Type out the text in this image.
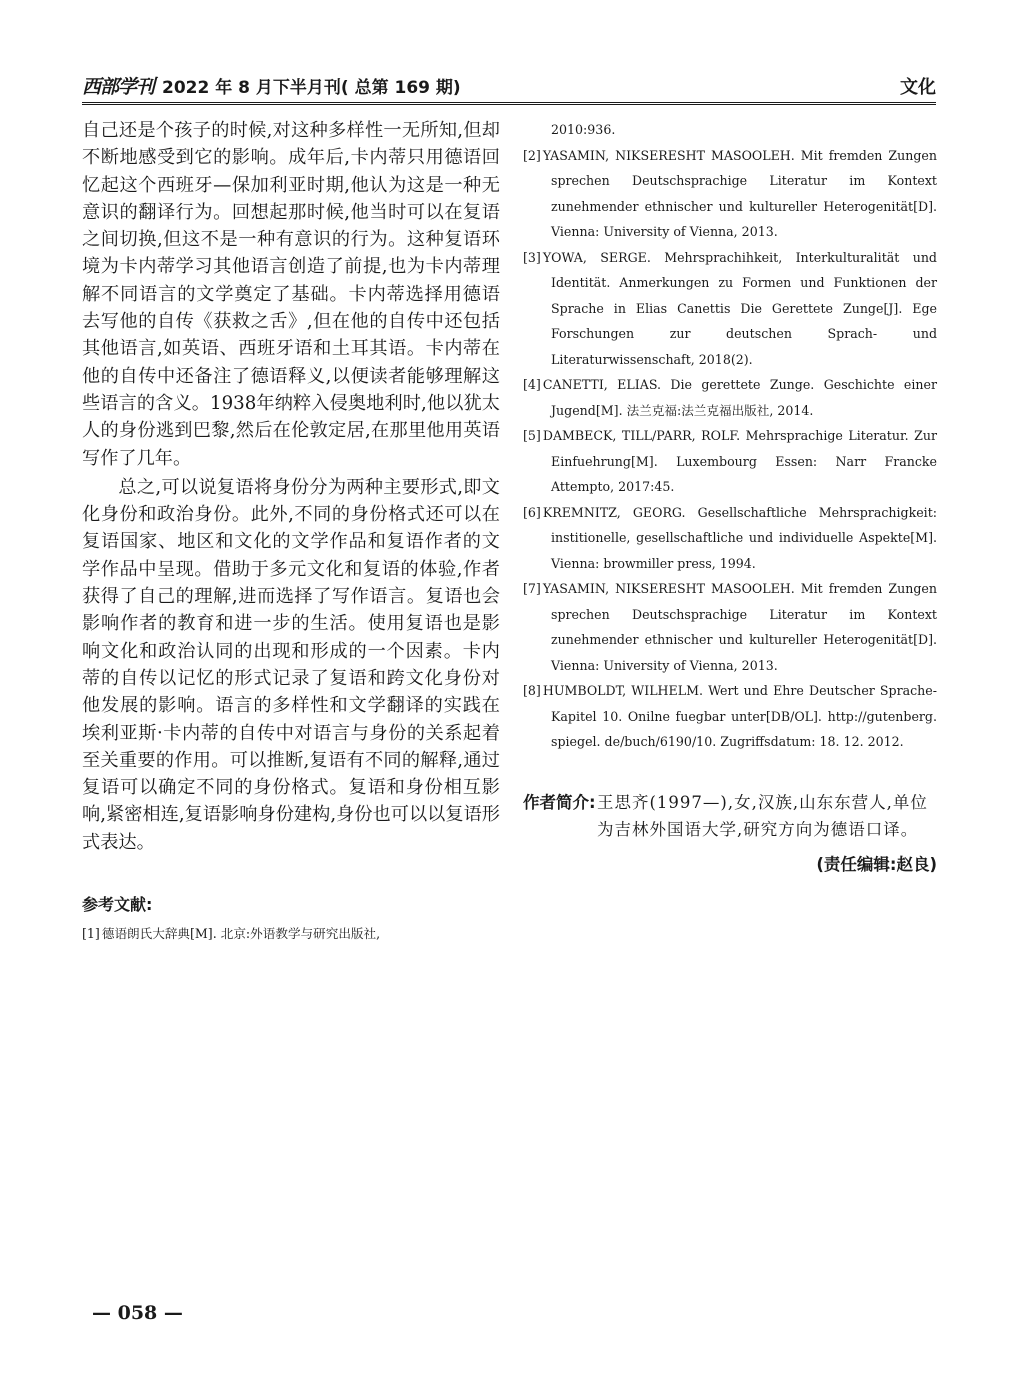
西部学刊 2022 年 8 月下半月刊( 总第 169 期)	文化

自己还是个孩子的时候,对这种多样性一无所知,但却不断地感受到它的影响。成年后,卡内蒂只用德语回忆起这个西班牙—保加利亚时期,他认为这是一种无意识的翻译行为。回想起那时候,他当时可以在复语之间切换,但这不是一种有意识的行为。这种复语环境为卡内蒂学习其他语言创造了前提,也为卡内蒂理解不同语言的文学奠定了基础。卡内蒂选择用德语去写他的自传《获救之舌》,但在他的自传中还包括其他语言,如英语、西班牙语和土耳其语。卡内蒂在他的自传中还备注了德语释义,以便读者能够理解这些语言的含义。1938年纳粹入侵奥地利时,他以犹太人的身份逃到巴黎,然后在伦敦定居,在那里他用英语写作了几年。

总之,可以说复语将身份分为两种主要形式,即文化身份和政治身份。此外,不同的身份格式还可以在复语国家、地区和文化的文学作品和复语作者的文学作品中呈现。借助于多元文化和复语的体验,作者获得了自己的理解,进而选择了写作语言。复语也会影响作者的教育和进一步的生活。使用复语也是影响文化和政治认同的出现和形成的一个因素。卡内蒂的自传以记忆的形式记录了复语和跨文化身份对他发展的影响。语言的多样性和文学翻译的实践在埃利亚斯·卡内蒂的自传中对语言与身份的关系起着至关重要的作用。可以推断,复语有不同的解释,通过复语可以确定不同的身份格式。复语和身份相互影响,紧密相连,复语影响身份建构,身份也可以以复语形式表达。

参考文献:

[1] 德语朗氏大辞典[M]. 北京:外语教学与研究出版社,

2010:936.

[2] YASAMIN, NIKSERESHT MASOOLEH. Mit fremden Zungen sprechen Deutschsprachige Literatur im Kontext zunehmender ethnischer und kultureller Heterogenität[D]. Vienna: University of Vienna, 2013.

[3] YOWA, SERGE. Mehrsprachihkeit, Interkulturalität und Identität. Anmerkungen zu Formen und Funktionen der Sprache in Elias Canettis Die Gerettete Zunge[J]. Ege Forschungen zur deutschen Sprach- und Literaturwissenschaft, 2018(2).

[4] CANETTI, ELIAS. Die gerettete Zunge. Geschichte einer Jugend[M]. 法兰克福:法兰克福出版社, 2014.

[5] DAMBECK, TILL/PARR, ROLF. Mehrsprachige Literatur. Zur Einfuehrung[M]. Luxembourg Essen: Narr Francke Attempto, 2017:45.

[6] KREMNITZ, GEORG. Gesellschaftliche Mehrsprachigkeit: institionelle, gesellschaftliche und individuelle Aspekte[M]. Vienna: browmiller press, 1994.

[7] YASAMIN, NIKSERESHT MASOOLEH. Mit fremden Zungen sprechen Deutschsprachige Literatur im Kontext zunehmender ethnischer und kultureller Heterogenität[D]. Vienna: University of Vienna, 2013.

[8] HUMBOLDT, WILHELM. Wert und Ehre Deutscher Sprache-Kapitel 10. Onilne fuegbar unter[DB/OL]. http://gutenberg. spiegel. de/buch/6190/10. Zugriffsdatum: 18. 12. 2012.

作者简介: 王思齐(1997—),女,汉族,山东东营人,单位为吉林外国语大学,研究方向为德语口译。
(责任编辑:赵良)
— 058 —
